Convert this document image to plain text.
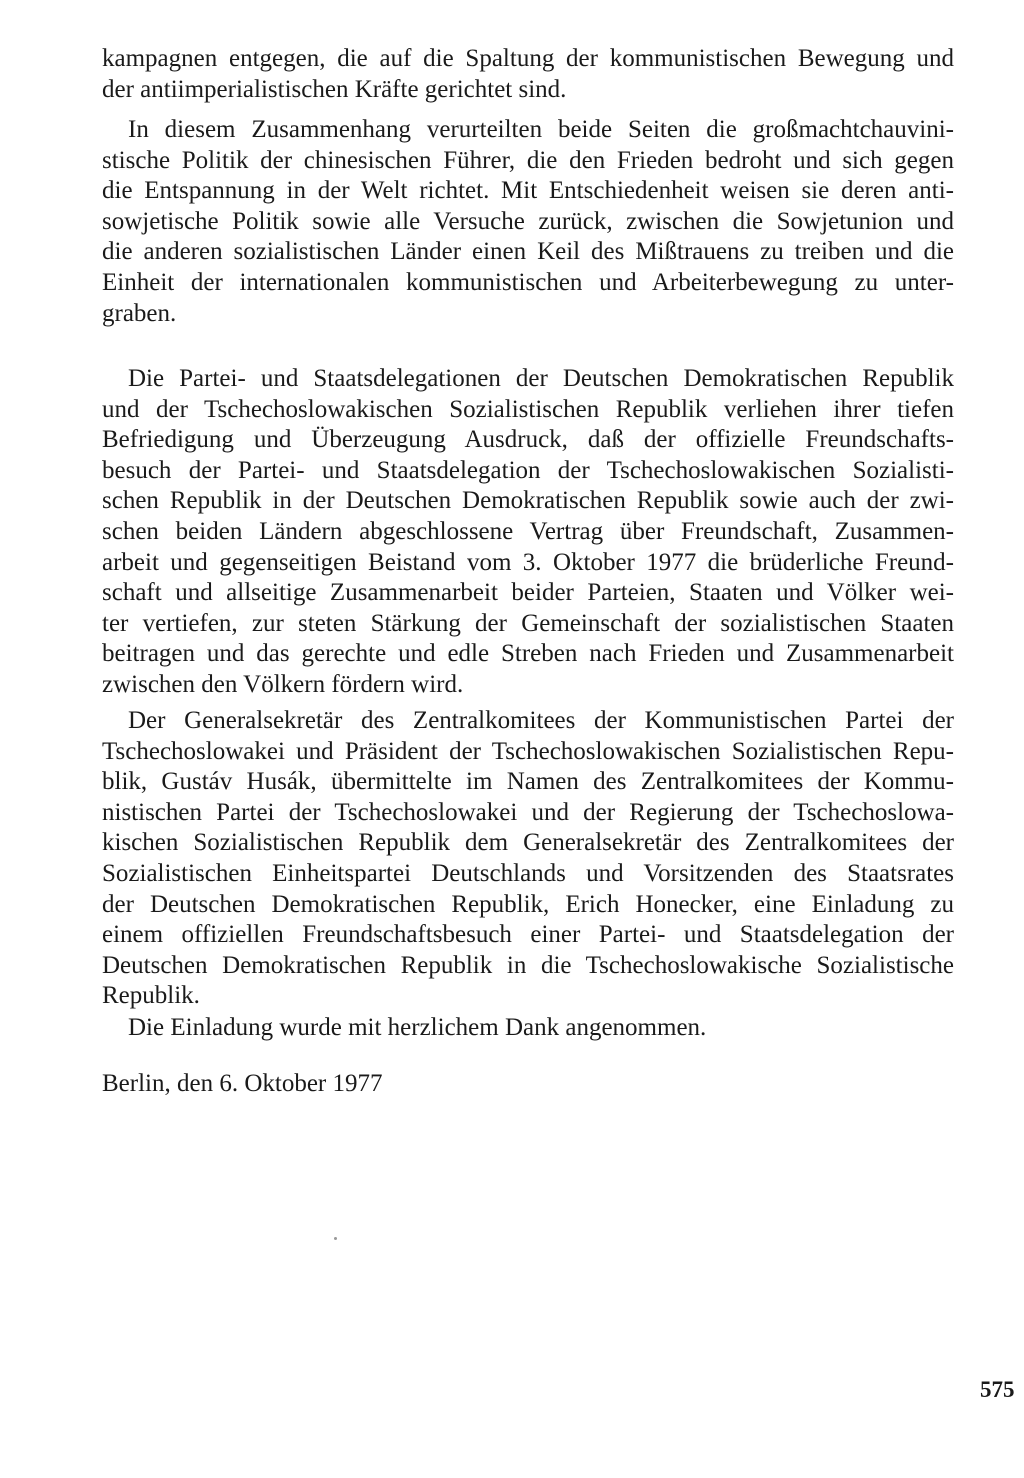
kampagnen entgegen, die auf die Spaltung der kommunistischen Bewegung und
der antiimperialistischen Kräfte gerichtet sind.
In diesem Zusammenhang verurteilten beide Seiten die großmachtchauvini-
stische Politik der chinesischen Führer, die den Frieden bedroht und sich gegen
die Entspannung in der Welt richtet. Mit Entschiedenheit weisen sie deren anti-
sowjetische Politik sowie alle Versuche zurück, zwischen die Sowjetunion und
die anderen sozialistischen Länder einen Keil des Mißtrauens zu treiben und die
Einheit der internationalen kommunistischen und Arbeiterbewegung zu unter-
graben.
Die Partei- und Staatsdelegationen der Deutschen Demokratischen Republik
und der Tschechoslowakischen Sozialistischen Republik verliehen ihrer tiefen
Befriedigung und Überzeugung Ausdruck, daß der offizielle Freundschafts-
besuch der Partei- und Staatsdelegation der Tschechoslowakischen Sozialisti-
schen Republik in der Deutschen Demokratischen Republik sowie auch der zwi-
schen beiden Ländern abgeschlossene Vertrag über Freundschaft, Zusammen-
arbeit und gegenseitigen Beistand vom 3. Oktober 1977 die brüderliche Freund-
schaft und allseitige Zusammenarbeit beider Parteien, Staaten und Völker wei-
ter vertiefen, zur steten Stärkung der Gemeinschaft der sozialistischen Staaten
beitragen und das gerechte und edle Streben nach Frieden und Zusammenarbeit
zwischen den Völkern fördern wird.
Der Generalsekretär des Zentralkomitees der Kommunistischen Partei der
Tschechoslowakei und Präsident der Tschechoslowakischen Sozialistischen Repu-
blik, Gustáv Husák, übermittelte im Namen des Zentralkomitees der Kommu-
nistischen Partei der Tschechoslowakei und der Regierung der Tschechoslowa-
kischen Sozialistischen Republik dem Generalsekretär des Zentralkomitees der
Sozialistischen Einheitspartei Deutschlands und Vorsitzenden des Staatsrates
der Deutschen Demokratischen Republik, Erich Honecker, eine Einladung zu
einem offiziellen Freundschaftsbesuch einer Partei- und Staatsdelegation der
Deutschen Demokratischen Republik in die Tschechoslowakische Sozialistische
Republik.
Die Einladung wurde mit herzlichem Dank angenommen.
Berlin, den 6. Oktober 1977
575
